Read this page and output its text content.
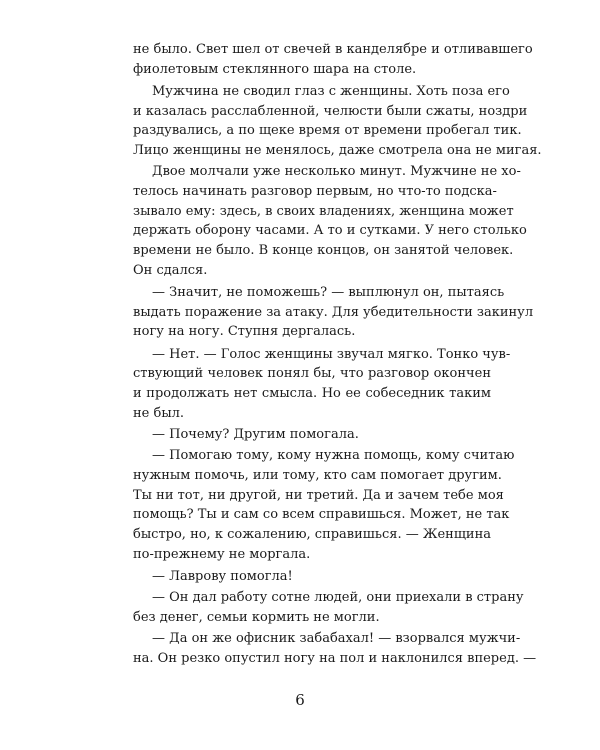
не было. Свет шел от свечей в канделябре и отливавшего
фиолетовым стеклянного шара на столе.
Мужчина не сводил глаз с женщины. Хоть поза его
и казалась расслабленной, челюсти были сжаты, ноздри
раздувались, а по щеке время от времени пробегал тик.
Лицо женщины не менялось, даже смотрела она не мигая.
Двое молчали уже несколько минут. Мужчине не хо-
телось начинать разговор первым, но что-то подска-
зывало ему: здесь, в своих владениях, женщина может
держать оборону часами. А то и сутками. У него столько
времени не было. В конце концов, он занятой человек.
Он сдался.
— Значит, не поможешь? — выплюнул он, пытаясь
выдать поражение за атаку. Для убедительности закинул
ногу на ногу. Ступня дергалась.
— Нет. — Голос женщины звучал мягко. Тонко чув-
ствующий человек понял бы, что разговор окончен
и продолжать нет смысла. Но ее собеседник таким
не был.
— Почему? Другим помогала.
— Помогаю тому, кому нужна помощь, кому считаю
нужным помочь, или тому, кто сам помогает другим.
Ты ни тот, ни другой, ни третий. Да и зачем тебе моя
помощь? Ты и сам со всем справишься. Может, не так
быстро, но, к сожалению, справишься. — Женщина
по-прежнему не моргала.
— Лаврову помогла!
— Он дал работу сотне людей, они приехали в страну
без денег, семьи кормить не могли.
— Да он же офисник забабахал! — взорвался мужчи-
на. Он резко опустил ногу на пол и наклонился вперед. —
6
